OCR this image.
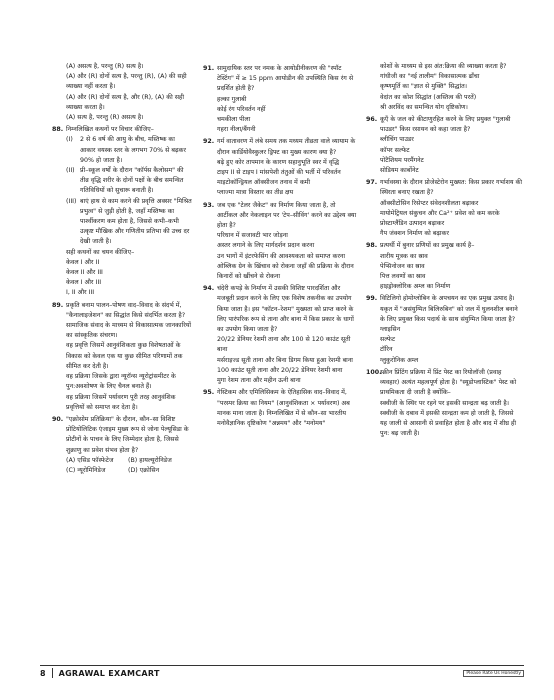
(A) असत्य है, परन्तु (R) सत्य है।
(A) और (R) दोनों सत्य है, परन्तु (R), (A) की सही व्याख्या नहीं करता है।
(A) और (R) दोनों सत्य है, और (R), (A) की सही व्याख्या करता है।
(A) सत्य है, परन्तु (R) असत्य है।
88. निम्नलिखित कथनों पर विचार कीजिए–
(I)	2 से 6 वर्ष की आयु के बीच, मस्तिष्क का आकार वयस्क स्तर के लगभग 70% से बढ़कर 90% हो जाता है।
(II) प्री–स्कूल वर्षों के दौरान "कॉर्पस कैलोसम" की तीव्र वृद्धि शरीर के दोनों पक्षों के बीच समन्वित गतिविधियों को सुचारू बनाती है।
(III) बाएं हाथ से काम करने की प्रवृत्ति अक्सर "मिश्रित प्रभुत्व" से जुड़ी होती है, जहाँ मस्तिष्क का पार्श्वीकरण कम होता है, जिससे कभी–कभी उत्कृष्ट मौखिक और गणितीय प्रतिभा की उच्च दर देखी जाती है।
सही कथनों का चयन कीजिए–
केवल I और II
केवल II और III
केवल I और III
I, II और III
89. प्रकृति बनाम पालन–पोषण वाद–विवाद के संदर्भ में, "कैनालाइजेशन" का सिद्धांत किसे संदर्भित करता है?
सामाजिक संवाद के माध्यम से विकासात्मक जानकारियों का सांस्कृतिक संचरण।
वह प्रवृत्ति जिसमें आनुवंशिकता कुछ विशेषताओं के विकास को केवल एक या कुछ सीमित परिणामों तक सीमित कर देती है।
वह प्रक्रिया जिसके द्वारा न्यूरॉन्स न्यूरोट्रांसमीटर के पुन:अवशोषण के लिए चैनल बनाते हैं।
वह प्रक्रिया जिसमें पर्यावरण पूरी तरह आनुवंशिक प्रवृत्तियों को समाप्त कर देता है।
90. "एक्रोसोम प्रतिक्रिया" के दौरान, कौन–सा विशिष्ट प्रोटियोलिटिक एंजाइम मुख्य रूप से जोना पेल्यूसिडा के प्रोटीनों के पाचन के लिए जिम्मेदार होता है, जिससे शुक्राणु का प्रवेश संभव होता है?
(A) एसिड फॉस्फेटेज	(B) हायल्यूरोनिडेज
(C) न्यूरोमिनिडेज	(D) एक्रोसिन
91. सामुदायिक स्तर पर नमक के आयोडीनीकरण की "स्पॉट टेस्टिंग" में ≥ 15 ppm आयोडीन की उपस्थिति किस रंग से प्रदर्शित होती है?
हल्का गुलाबी
कोई रंग परिवर्तन नहीं
चमकीला पीला
गहरा नीला/बैंगनी
92. गर्म वातावरण में लंबे समय तक मध्यम तीव्रता वाले व्यायाम के दौरान कार्डियोवैस्कुलर ड्रिफ्ट का मुख्य कारण क्या है?
बढ़े हुए कोर तापमान के कारण सहानुभूति स्वर में वृद्धि
टाइप II से टाइप I मांसपेशी तंतुओं की भर्ती में परिवर्तन
माइटोकॉन्ड्रियल ऑक्सीजन तनाव में कमी
प्लाज्मा मात्रा विस्तार का तीव्र क्षय
93. जब एक "टेलर जैकेट" का निर्माण किया जाता है, तो आर्टीकल और नेकलाइन पर 'टेप–सीविंग' करने का उद्देश्य क्या होता है?
परिधान में सजावटी भार जोड़ना
अस्तर लगाने के लिए मार्गदर्शन प्रदान करना
उन भागों में इंटरफेसिंग की आवश्यकता को समाप्त करना
ओब्लिक ग्रेन के खिंचाव को रोकना जहाँ की प्रक्रिया के दौरान किनारों को खींचने से रोकना
94. चंदेरी कपड़े के निर्माण में उसकी विशिष्ट पारदर्शिता और मजबूती प्रदान करने के लिए एक विशेष तकनीक का उपयोग किया जाता है। इस "कॉटन–रेशम" मुख्यता को प्राप्त करने के लिए पारंपरिक रूप से ताना और बाना में किस प्रकार के धागों का उपयोग किया जाता है?
20/22 डेनियर रेशमी ताना और 100 से 120 काउंट सूती बाना
मर्सराइज्ड सूती ताना और बिना डिगम किया हुआ रेशमी बाना
100 काउंट सूती ताना और 20/22 डेनियर रेशमी बाना
मुगा रेशम ताना और महीन ऊनी बाना
95. गेस्टिकम और एमिलिसिकम के ऐतिहासिक वाद–विवाद में, "परस्पर क्रिया का नियम" (आनुवंशिकता × पर्यावरण) अब मानक माना जाता है। निम्नलिखित में से कौन–सा भारतीय मनोवैज्ञानिक दृष्टिकोण "अन्नमय" और "मनोमय"
कोशों के माध्यम से इस अंत:क्रिया की व्याख्या करता है?
गांधीजी का "नई तालीम" विकासात्मक ढाँचा
कृष्णमूर्ति का "ज्ञात से मुक्ति" सिद्धांत।
वेदांत का कोश सिद्धांत (अस्तित्व की परतें)
श्री अरविंद का समन्वित योग दृष्टिकोण।
96. कूएँ के जल को कीटाणुरहित करने के लिए प्रयुक्त "गुलाबी पाउडर" किस रसायन को कहा जाता है?
ब्लीचिंग पाउडर
कॉपर सल्फेट
पोटैशियम परमैंगनेट
सोडियम कार्बोनेट
97. गर्भावस्था के दौरान प्रोजेस्टेरोन मुख्यत: किस प्रकार गर्भाशय की स्थिरता बनाए रखता है?
ऑक्सीटोसिन रिसेप्टर संवेदनशीलता बढ़ाकर
मायोमेट्रियल संकुचन और Ca²⁺ प्रवेश को कम करके
प्रोस्टाग्लैंडिन उत्पादन बढ़ाकर
गैप जंक्शन निर्माण को बढ़ाकर
98. प्रत्यर्थी में बुनार प्रणियों का प्रमुख कार्य है–
शारीय मूत्रक का स्राव
पेप्सिनोजन का स्राव
पित्त लवणों का स्राव
हाइड्रोक्लोरिक अम्ल का निर्माण
99. विटिलिगो होमोग्लोबिन के अपचयन का एक प्रमुख उत्पाद है। यकृत में "असंयुग्मित बिलिरुबिन" को जल में घुलनशील बनाने के लिए प्रयुक्त किस पदार्थ के साथ संयुग्मित किया जाता है?
ग्लाइसिन
सल्फेट
टॉरिन
ग्लुकुरोनिक अम्ल
100.
स्क्रीन प्रिंटिंग प्रक्रिया में प्रिंट पेस्ट का रियोलॉजी (प्रवाह व्यवहार) अत्यंत महत्वपूर्ण होता है। "स्यूडोप्लास्टिक" पेस्ट को प्राथमिकता दी जाती है क्योंकि–
स्क्वीजी के स्थिर पर रहने पर इसकी सान्द्रता बढ़ जाती है।
स्क्वीजी के दबाव में इसकी सान्द्रता कम हो जाती है, जिससे यह जाली से आसानी से प्रवाहित होता है और बाद में शीघ्र ही पुन: बढ़ जाती है।
8 AGRAWAL EXAMCART	Please Rate Us Honestly
